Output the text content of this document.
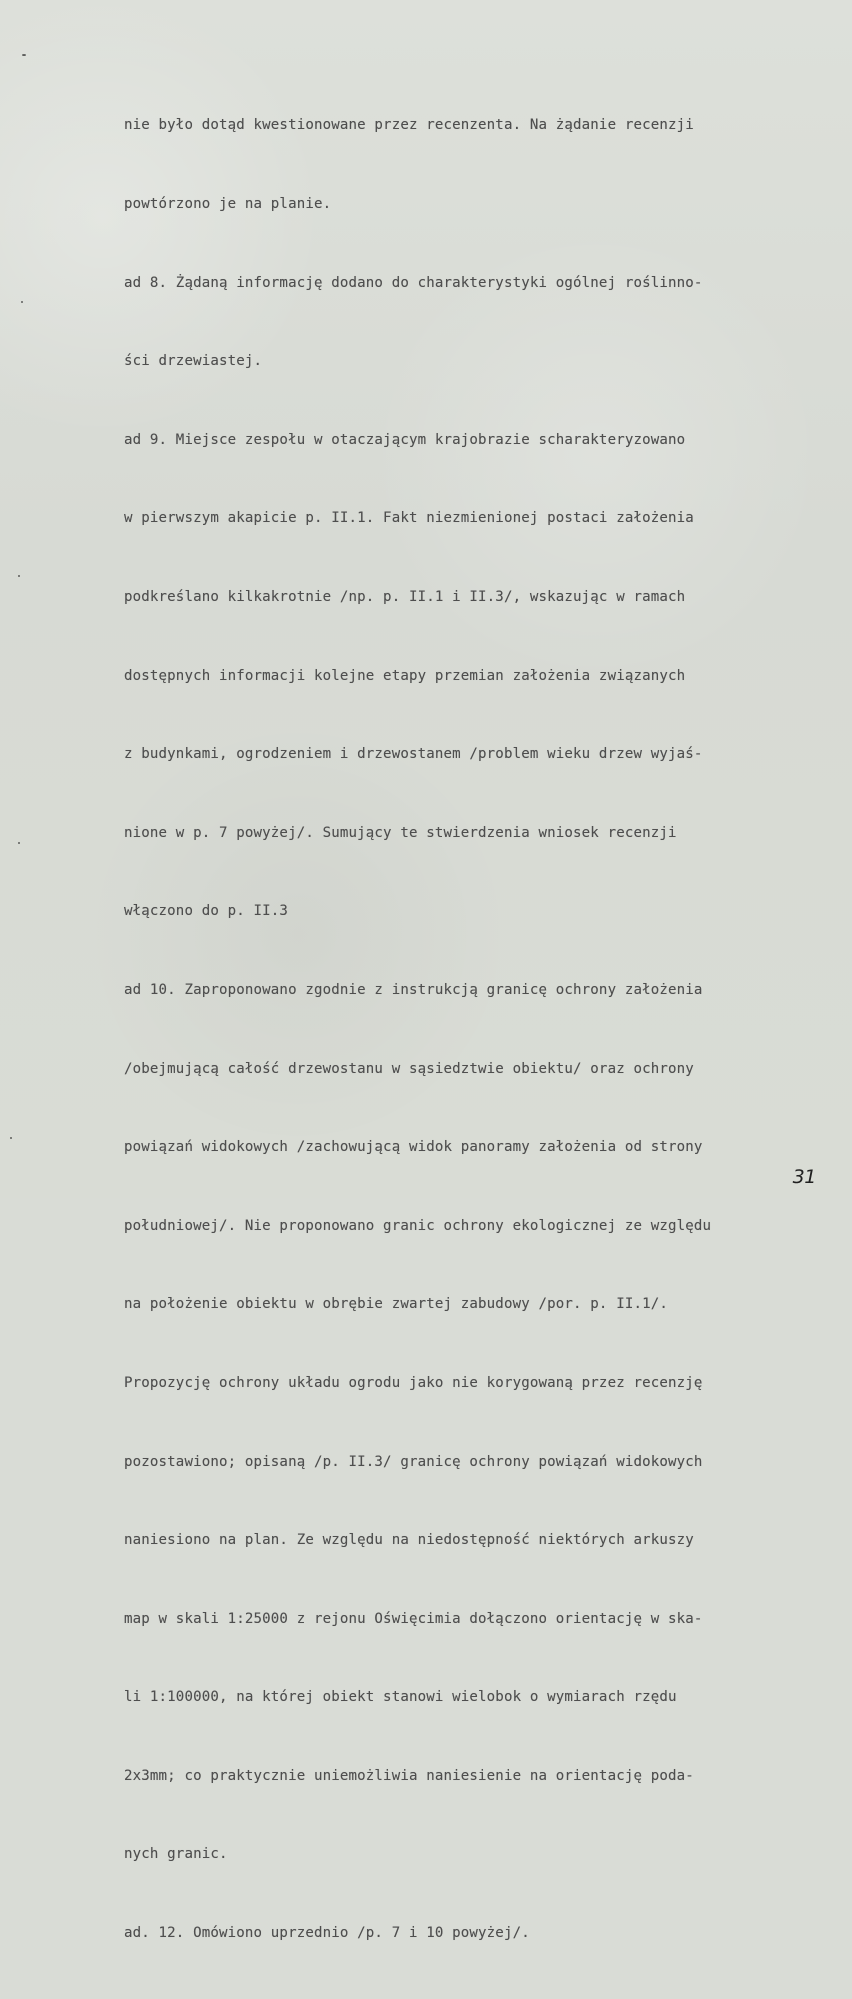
nie było dotąd kwestionowane przez recenzenta. Na żądanie recenzji

powtórzono je na planie.

ad 8. Żądaną informację dodano do charakterystyki ogólnej roślinno-

ści drzewiastej.

ad 9. Miejsce zespołu w otaczającym krajobrazie scharakteryzowano

w pierwszym akapicie p. II.1. Fakt niezmienionej postaci założenia

podkreślano kilkakrotnie /np. p. II.1 i II.3/, wskazując w ramach

dostępnych informacji kolejne etapy przemian założenia związanych

z budynkami, ogrodzeniem i drzewostanem /problem wieku drzew wyjaś-

nione w p. 7 powyżej/. Sumujący te stwierdzenia wniosek recenzji

włączono do p. II.3

ad 10. Zaproponowano zgodnie z instrukcją granicę ochrony założenia

/obejmującą całość drzewostanu w sąsiedztwie obiektu/ oraz ochrony

powiązań widokowych /zachowującą widok panoramy założenia od strony

południowej/. Nie proponowano granic ochrony ekologicznej ze względu

na położenie obiektu w obrębie zwartej zabudowy /por. p. II.1/.

Propozycję ochrony układu ogrodu jako nie korygowaną przez recenzję

pozostawiono; opisaną /p. II.3/ granicę ochrony powiązań widokowych

naniesiono na plan. Ze względu na niedostępność niektórych arkuszy

map w skali 1:25000 z rejonu Oświęcimia dołączono orientację w ska-

li 1:100000, na której obiekt stanowi wielobok o wymiarach rzędu

2x3mm; co praktycznie uniemożliwia naniesienie na orientację poda-

nych granic.

ad. 12. Omówiono uprzednio /p. 7 i 10 powyżej/.

31
